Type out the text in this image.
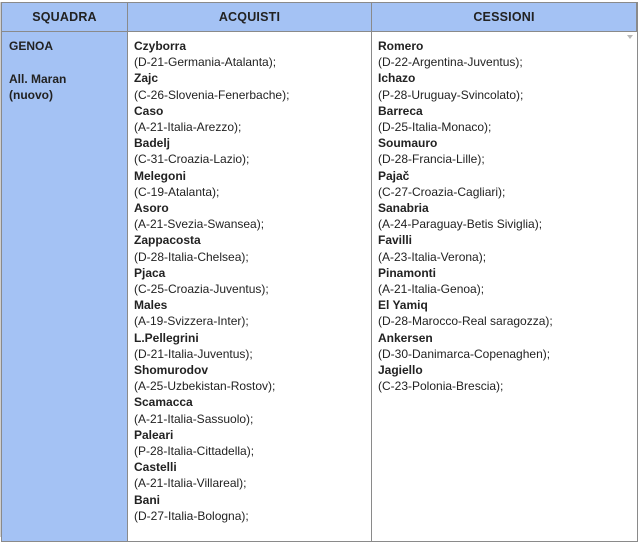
SQUADRA	ACQUISTI	CESSIONI
GENOA
All. Maran
(nuovo)
Czyborra
(D-21-Germania-Atalanta);
Zajc
(C-26-Slovenia-Fenerbache);
Caso
(A-21-Italia-Arezzo);
Badelj
(C-31-Croazia-Lazio);
Melegoni
(C-19-Atalanta);
Asoro
(A-21-Svezia-Swansea);
Zappacosta
(D-28-Italia-Chelsea);
Pjaca
(C-25-Croazia-Juventus);
Males
(A-19-Svizzera-Inter);
L.Pellegrini
(D-21-Italia-Juventus);
Shomurodov
(A-25-Uzbekistan-Rostov);
Scamacca
(A-21-Italia-Sassuolo);
Paleari
(P-28-Italia-Cittadella);
Castelli
(A-21-Italia-Villareal);
Bani
(D-27-Italia-Bologna);
Romero
(D-22-Argentina-Juventus);
Ichazo
(P-28-Uruguay-Svincolato);
Barreca
(D-25-Italia-Monaco);
Soumauro
(D-28-Francia-Lille);
Pajač
(C-27-Croazia-Cagliari);
Sanabria
(A-24-Paraguay-Betis Siviglia);
Favilli
(A-23-Italia-Verona);
Pinamonti
(A-21-Italia-Genoa);
El Yamiq
(D-28-Marocco-Real saragozza);
Ankersen
(D-30-Danimarca-Copenaghen);
Jagiello
(C-23-Polonia-Brescia);
